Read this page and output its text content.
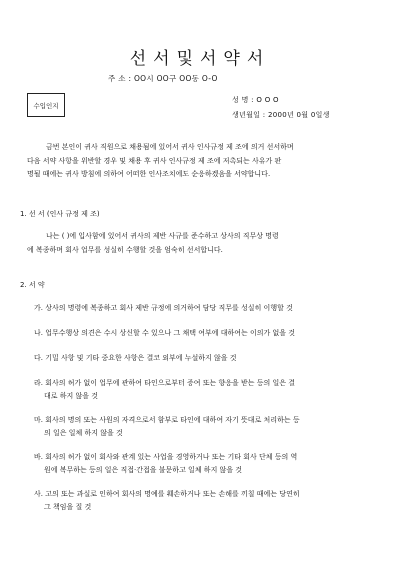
선서및서약서
주 소 : OO시 OO구 OO동 O-O
수입인지
성 명 : O O O
생년월일 : 2000년 0월 0일생
금번 본인이 귀사 직원으로 채용됨에 있어서 귀사 인사규정 제 조에 의거 선서하며
다음 서약 사항을 위반할 경우 및 채용 후 귀사 인사규정 제 조에 저촉되는 사유가 판
명될 때에는 귀사 방침에 의하여 어떠한 인사조치에도 순응하겠음을 서약합니다.
1. 선 서 (인사 규정 제 조)
나는 ( )에 입사함에 있어서 귀사의 제반 사규를 준수하고 상사의 직무상 명령
에 복종하며 회사 업무를 성실히 수행할 것을 엄숙히 선서합니다.
2. 서 약
가. 상사의 명령에 복종하고 회사 제반 규정에 의거하여 담당 직무를 성실히 이행할 것
나. 업무수행상 의견은 수시 상신할 수 있으나 그 채택 여부에 대하여는 이의가 없을 것
다. 기밀 사항 및 기타 중요한 사항은 결코 외부에 누설하지 않을 것
라. 회사의 허가 없이 업무에 관하여 타인으로부터 증여 또는 향응을 받는 등의 일은 결
대로 하지 않을 것
마. 회사의 명의 또는 사원의 자격으로서 함부로 타인에 대하여 자기 뜻대로 처리하는 등
의 일은 일체 하지 않을 것
바. 회사의 허가 없이 회사와 관계 있는 사업을 경영하거나 또는 기타 회사 단체 등의 역
원에 복무하는 등의 일은 직접·간접을 불문하고 일체 하지 않을 것
사. 고의 또는 과실로 인하여 회사의 명예를 훼손하거나 또는 손해를 끼칠 때에는 당연히
그 책임을 질 것
